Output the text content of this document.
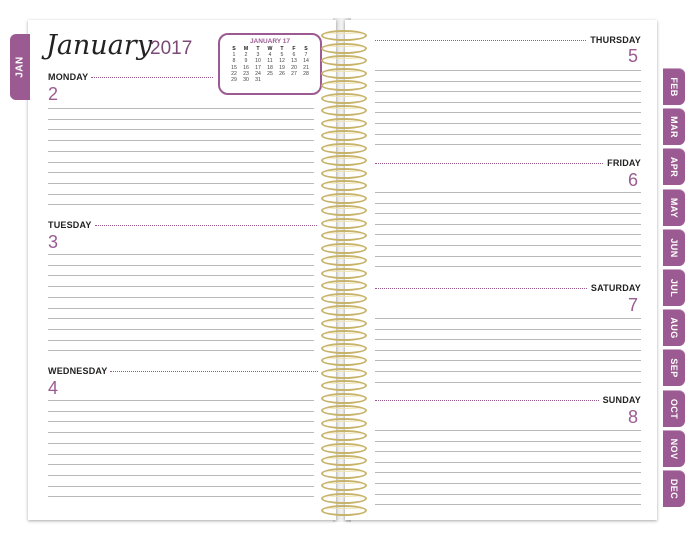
JAN
January
2017	JANUARY 17
S	M	T	W	T	F	S
1	2	3	4	5	6	7
8	9	10	11	12	13	14
15	16	17	18	19	20	21
22	23	24	25	26	27	28
29	30	31				
MONDAY
2
TUESDAY
3
WEDNESDAY
4
THURSDAY
5
FRIDAY
6
SATURDAY
7
SUNDAY
8
FEB
MAR
APR
MAY
JUN
JUL
AUG
SEP
OCT
NOV
DEC
